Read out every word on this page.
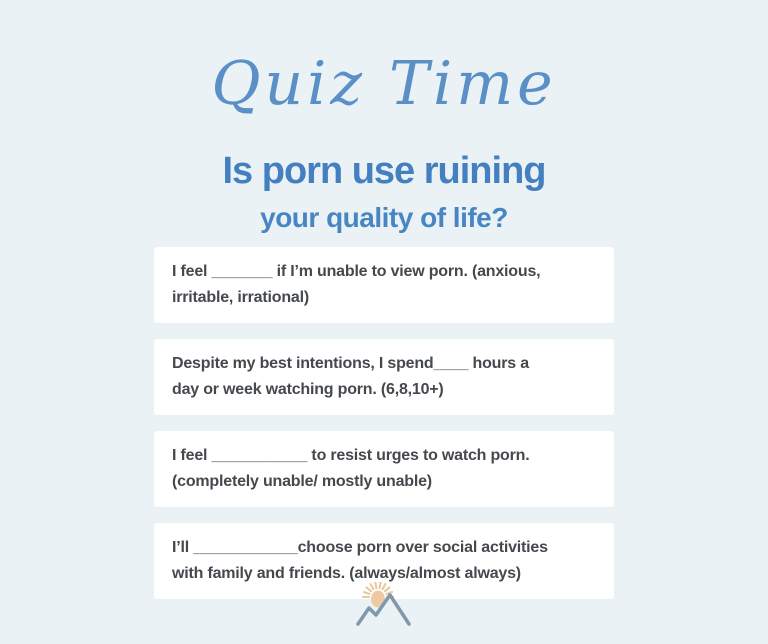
Quiz Time
Is porn use ruining
your quality of life?
I feel _______ if I’m unable to view porn. (anxious,
irritable, irrational)
Despite my best intentions, I spend____ hours a
day or week watching porn. (6,8,10+)
I feel ___________ to resist urges to watch porn.
(completely unable/ mostly unable)
I’ll ____________choose porn over social activities
with family and friends. (always/almost always)
